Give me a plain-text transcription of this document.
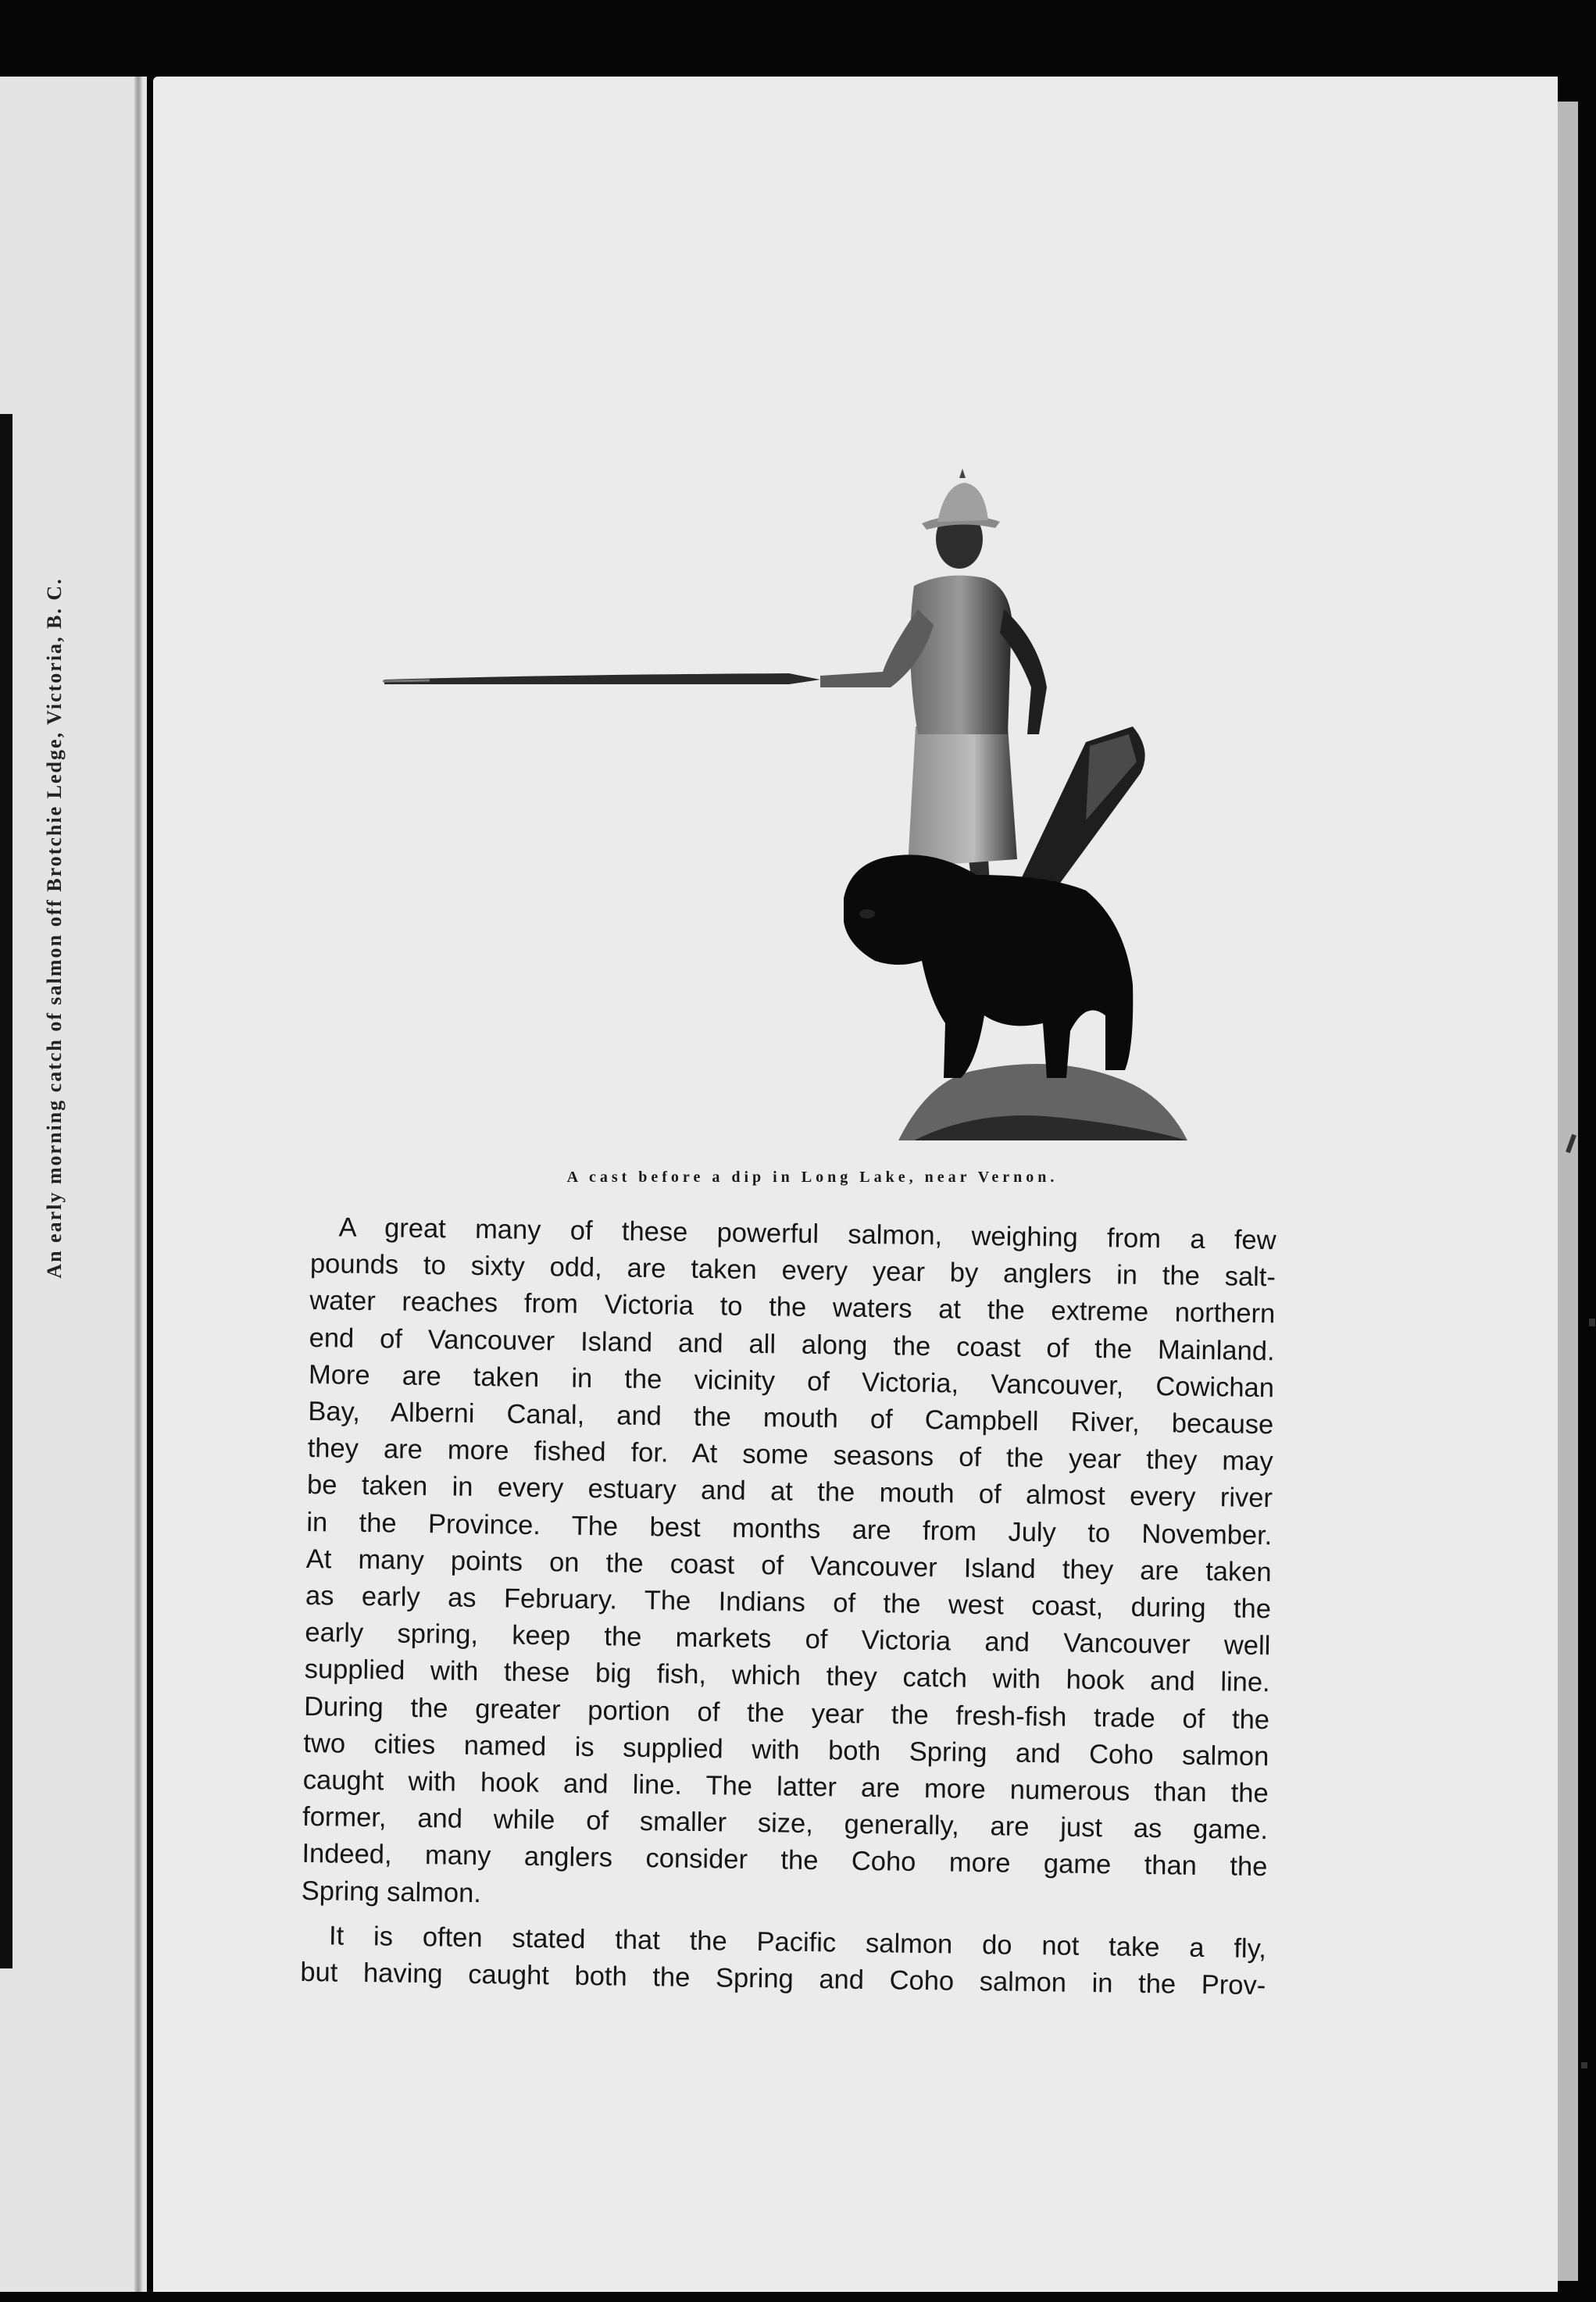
An early morning catch of salmon off Brotchie Ledge, Victoria, B. C.	A cast before a dip in Long Lake, near Vernon.
A great many of these powerful salmon, weighing from a few
pounds to sixty odd, are taken every year by anglers in the salt-
water reaches from Victoria to the waters at the extreme northern
end of Vancouver Island and all along the coast of the Mainland.
More are taken in the vicinity of Victoria, Vancouver, Cowichan
Bay, Alberni Canal, and the mouth of Campbell River, because
they are more fished for. At some seasons of the year they may
be taken in every estuary and at the mouth of almost every river
in the Province. The best months are from July to November.
At many points on the coast of Vancouver Island they are taken
as early as February. The Indians of the west coast, during the
early spring, keep the markets of Victoria and Vancouver well
supplied with these big fish, which they catch with hook and line.
During the greater portion of the year the fresh-fish trade of the
two cities named is supplied with both Spring and Coho salmon
caught with hook and line. The latter are more numerous than the
former, and while of smaller size, generally, are just as game.
Indeed, many anglers consider the Coho more game than the
Spring salmon.
It is often stated that the Pacific salmon do not take a fly,
but having caught both the Spring and Coho salmon in the Prov-
